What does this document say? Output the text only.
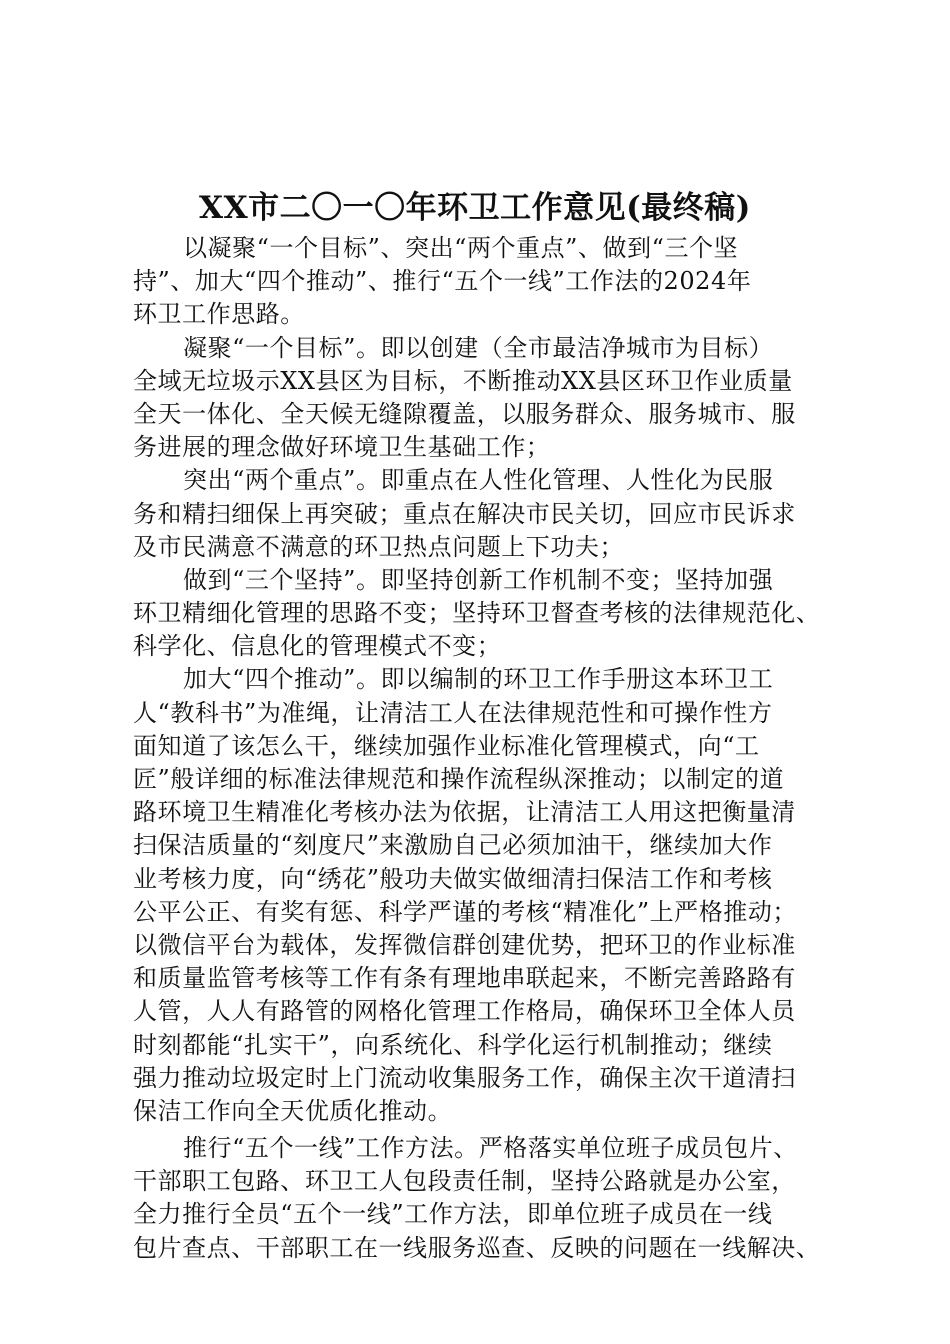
XX市二〇一〇年环卫工作意见(最终稿)

以凝聚“一个目标”、突出“两个重点”、做到“三个坚
持”、加大“四个推动”、推行“五个一线”工作法的2024年
环卫工作思路。

凝聚“一个目标”。即以创建（全市最洁净城市为目标）
全域无垃圾示XX县区为目标，不断推动XX县区环卫作业质量
全天一体化、全天候无缝隙覆盖，以服务群众、服务城市、服
务进展的理念做好环境卫生基础工作；

突出“两个重点”。即重点在人性化管理、人性化为民服
务和精扫细保上再突破；重点在解决市民关切，回应市民诉求
及市民满意不满意的环卫热点问题上下功夫；

做到“三个坚持”。即坚持创新工作机制不变；坚持加强
环卫精细化管理的思路不变；坚持环卫督查考核的法律规范化、
科学化、信息化的管理模式不变；

加大“四个推动”。即以编制的环卫工作手册这本环卫工
人“教科书”为准绳，让清洁工人在法律规范性和可操作性方
面知道了该怎么干，继续加强作业标准化管理模式，向“工
匠”般详细的标准法律规范和操作流程纵深推动；以制定的道
路环境卫生精准化考核办法为依据，让清洁工人用这把衡量清
扫保洁质量的“刻度尺”来激励自己必须加油干，继续加大作
业考核力度，向“绣花”般功夫做实做细清扫保洁工作和考核
公平公正、有奖有惩、科学严谨的考核“精准化”上严格推动；
以微信平台为载体，发挥微信群创建优势，把环卫的作业标准
和质量监管考核等工作有条有理地串联起来，不断完善路路有
人管，人人有路管的网格化管理工作格局，确保环卫全体人员
时刻都能“扎实干”，向系统化、科学化运行机制推动；继续
强力推动垃圾定时上门流动收集服务工作，确保主次干道清扫
保洁工作向全天优质化推动。

推行“五个一线”工作方法。严格落实单位班子成员包片、
干部职工包路、环卫工人包段责任制，坚持公路就是办公室，
全力推行全员“五个一线”工作方法，即单位班子成员在一线
包片查点、干部职工在一线服务巡查、反映的问题在一线解决、
